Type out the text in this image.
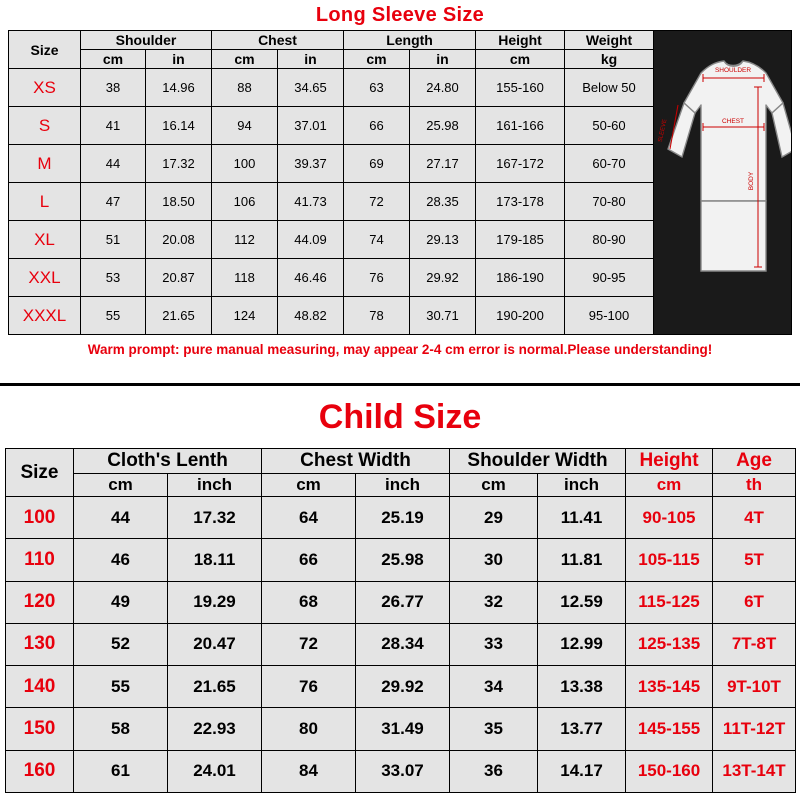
Long Sleeve Size
Size	Shoulder		Chest		Length		Height	Weight
	cm	in	cm	in	cm	in	cm	kg
XS	38	14.96	88	34.65	63	24.80	155-160	Below 50
S	41	16.14	94	37.01	66	25.98	161-166	50-60
M	44	17.32	100	39.37	69	27.17	167-172	60-70
L	47	18.50	106	41.73	72	28.35	173-178	70-80
XL	51	20.08	112	44.09	74	29.13	179-185	80-90
XXL	53	20.87	118	46.46	76	29.92	186-190	90-95
XXXL	55	21.65	124	48.82	78	30.71	190-200	95-100
SHOULDER
CHEST
SLEEVE
BODY
Warm prompt: pure manual measuring, may appear 2-4 cm error is normal.Please understanding!
Child Size
Size	Cloth's Lenth		Chest Width		Shoulder Width		Height	Age
	cm	inch	cm	inch	cm	inch	cm	th
100	44	17.32	64	25.19	29	11.41	90-105	4T
110	46	18.11	66	25.98	30	11.81	105-115	5T
120	49	19.29	68	26.77	32	12.59	115-125	6T
130	52	20.47	72	28.34	33	12.99	125-135	7T-8T
140	55	21.65	76	29.92	34	13.38	135-145	9T-10T
150	58	22.93	80	31.49	35	13.77	145-155	11T-12T
160	61	24.01	84	33.07	36	14.17	150-160	13T-14T
